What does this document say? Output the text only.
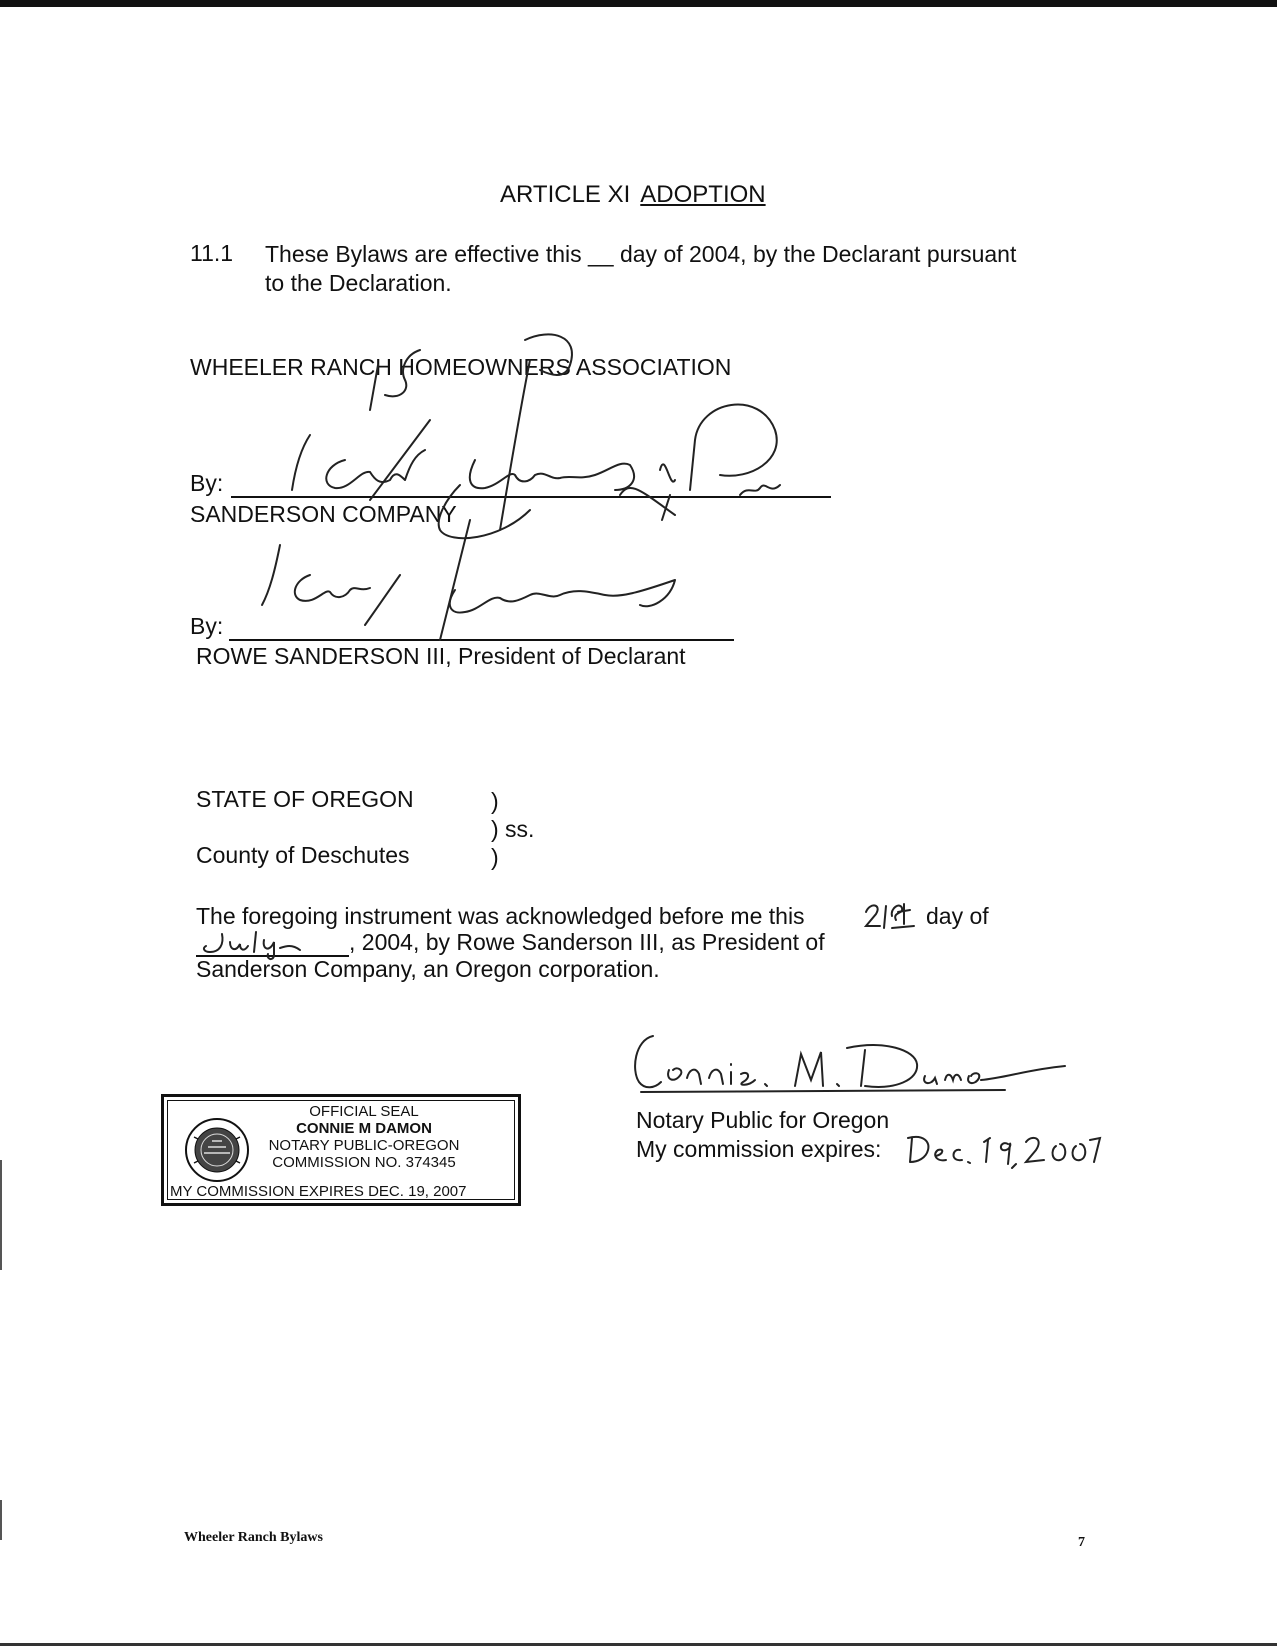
ARTICLE XI ADOPTION
11.1 These Bylaws are effective this __ day of 2004, by the Declarant pursuant
to the Declaration.
WHEELER RANCH HOMEOWNERS ASSOCIATION
By:
SANDERSON COMPANY
By:
ROWE SANDERSON III, President of Declarant
STATE OF OREGON	)
) ss.
County of Deschutes	)
The foregoing instrument was acknowledged before me this	day of
, 2004, by Rowe Sanderson III, as President of
Sanderson Company, an Oregon corporation.
OFFICIAL SEAL
CONNIE M DAMON
NOTARY PUBLIC-OREGON
COMMISSION NO. 374345
MY COMMISSION EXPIRES DEC. 19, 2007
Notary Public for Oregon
My commission expires:
Wheeler Ranch Bylaws	7
